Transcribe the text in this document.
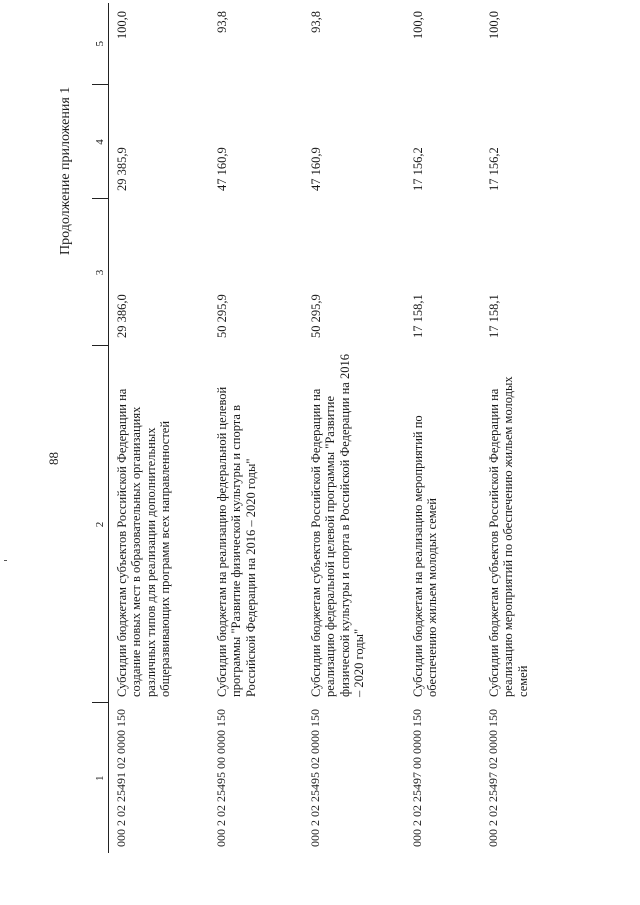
88
Продолжение приложения 1
1	2	3	4	5
000 2 02 25491 02 0000 150	Субсидии бюджетам субъектов Российской Федерации на создание новых мест в образовательных организациях различных типов для реализации дополнительных общеразвивающих программ всех направленностей	29 386,0	29 385,9	100,0
000 2 02 25495 00 0000 150	Субсидии бюджетам на реализацию федеральной целевой программы "Развитие физической культуры и спорта в Российской Федерации на 2016 – 2020 годы"	50 295,9	47 160,9	93,8
000 2 02 25495 02 0000 150	Субсидии бюджетам субъектов Российской Федерации на реализацию федеральной целевой программы "Развитие физической культуры и спорта в Российской Федерации на 2016 – 2020 годы"	50 295,9	47 160,9	93,8
000 2 02 25497 00 0000 150	Субсидии бюджетам на реализацию мероприятий по обеспечению жильем молодых семей	17 158,1	17 156,2	100,0
000 2 02 25497 02 0000 150	Субсидии бюджетам субъектов Российской Федерации на реализацию мероприятий по обеспечению жильем молодых семей	17 158,1	17 156,2	100,0
